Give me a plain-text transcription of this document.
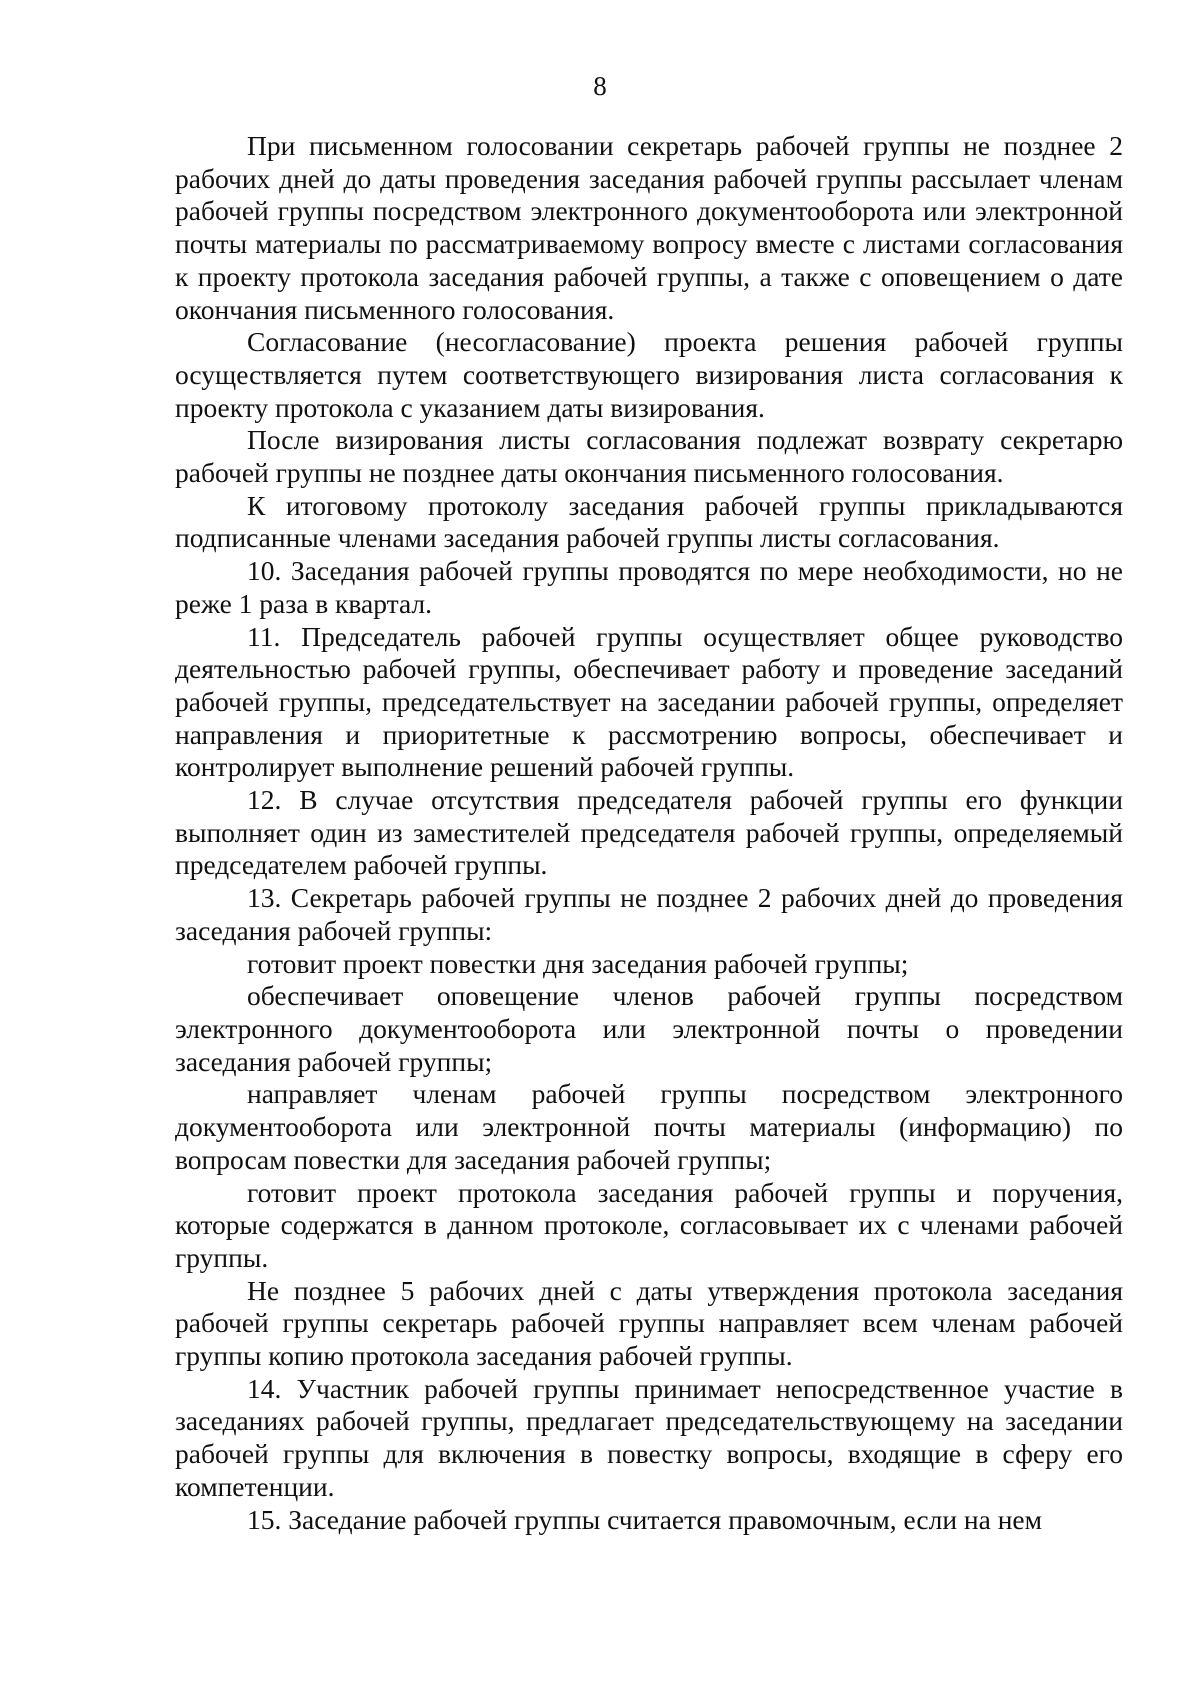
8

При письменном голосовании секретарь рабочей группы не позднее 2 рабочих дней до даты проведения заседания рабочей группы рассылает членам рабочей группы посредством электронного документооборота или электронной почты материалы по рассматриваемому вопросу вместе с листами согласования к проекту протокола заседания рабочей группы, а также с оповещением о дате окончания письменного голосования.

Согласование (несогласование) проекта решения рабочей группы осуществляется путем соответствующего визирования листа согласования к проекту протокола с указанием даты визирования.

После визирования листы согласования подлежат возврату секретарю рабочей группы не позднее даты окончания письменного голосования.

К итоговому протоколу заседания рабочей группы прикладываются подписанные членами заседания рабочей группы листы согласования.

10. Заседания рабочей группы проводятся по мере необходимости, но не реже 1 раза в квартал.

11. Председатель рабочей группы осуществляет общее руководство деятельностью рабочей группы, обеспечивает работу и проведение заседаний рабочей группы, председательствует на заседании рабочей группы, определяет направления и приоритетные к рассмотрению вопросы, обеспечивает и контролирует выполнение решений рабочей группы.

12. В случае отсутствия председателя рабочей группы его функции выполняет один из заместителей председателя рабочей группы, определяемый председателем рабочей группы.

13. Секретарь рабочей группы не позднее 2 рабочих дней до проведения заседания рабочей группы:

готовит проект повестки дня заседания рабочей группы;

обеспечивает оповещение членов рабочей группы посредством электронного документооборота или электронной почты о проведении заседания рабочей группы;

направляет членам рабочей группы посредством электронного документооборота или электронной почты материалы (информацию) по вопросам повестки для заседания рабочей группы;

готовит проект протокола заседания рабочей группы и поручения, которые содержатся в данном протоколе, согласовывает их с членами рабочей группы.

Не позднее 5 рабочих дней с даты утверждения протокола заседания рабочей группы секретарь рабочей группы направляет всем членам рабочей группы копию протокола заседания рабочей группы.

14. Участник рабочей группы принимает непосредственное участие в заседаниях рабочей группы, предлагает председательствующему на заседании рабочей группы для включения в повестку вопросы, входящие в сферу его компетенции.

15. Заседание рабочей группы считается правомочным, если на нем
